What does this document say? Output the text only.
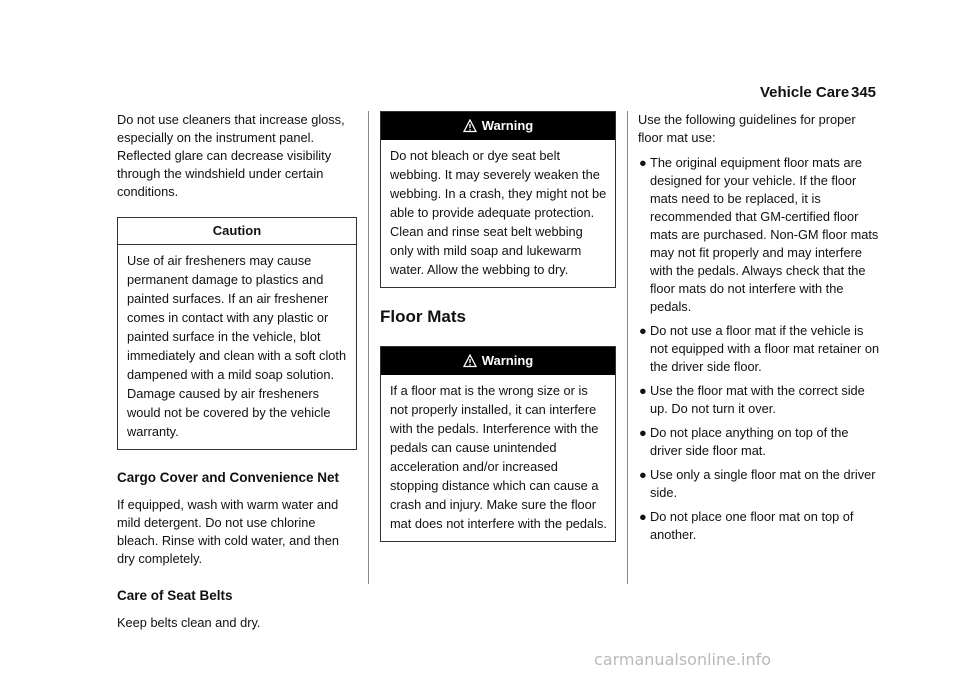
Vehicle Care 345

Do not use cleaners that increase gloss, especially on the instrument panel. Reflected glare can decrease visibility through the windshield under certain conditions.

Caution
Use of air fresheners may cause permanent damage to plastics and painted surfaces. If an air freshener comes in contact with any plastic or painted surface in the vehicle, blot immediately and clean with a soft cloth dampened with a mild soap solution. Damage caused by air fresheners would not be covered by the vehicle warranty.
Cargo Cover and Convenience Net

If equipped, wash with warm water and mild detergent. Do not use chlorine bleach. Rinse with cold water, and then dry completely.

Care of Seat Belts

Keep belts clean and dry.

Warning
Do not bleach or dye seat belt webbing. It may severely weaken the webbing. In a crash, they might not be able to provide adequate protection. Clean and rinse seat belt webbing only with mild soap and lukewarm water. Allow the webbing to dry.
Floor Mats
Warning
If a floor mat is the wrong size or is not properly installed, it can interfere with the pedals. Interference with the pedals can cause unintended acceleration and/or increased stopping distance which can cause a crash and injury. Make sure the floor mat does not interfere with the pedals.

Use the following guidelines for proper floor mat use:

● The original equipment floor mats are designed for your vehicle. If the floor mats need to be replaced, it is recommended that GM-certified floor mats are purchased. Non-GM floor mats may not fit properly and may interfere with the pedals. Always check that the floor mats do not interfere with the pedals.
● Do not use a floor mat if the vehicle is not equipped with a floor mat retainer on the driver side floor.
● Use the floor mat with the correct side up. Do not turn it over.
● Do not place anything on top of the driver side floor mat.
● Use only a single floor mat on the driver side.
● Do not place one floor mat on top of another.
carmanualsonline.info
